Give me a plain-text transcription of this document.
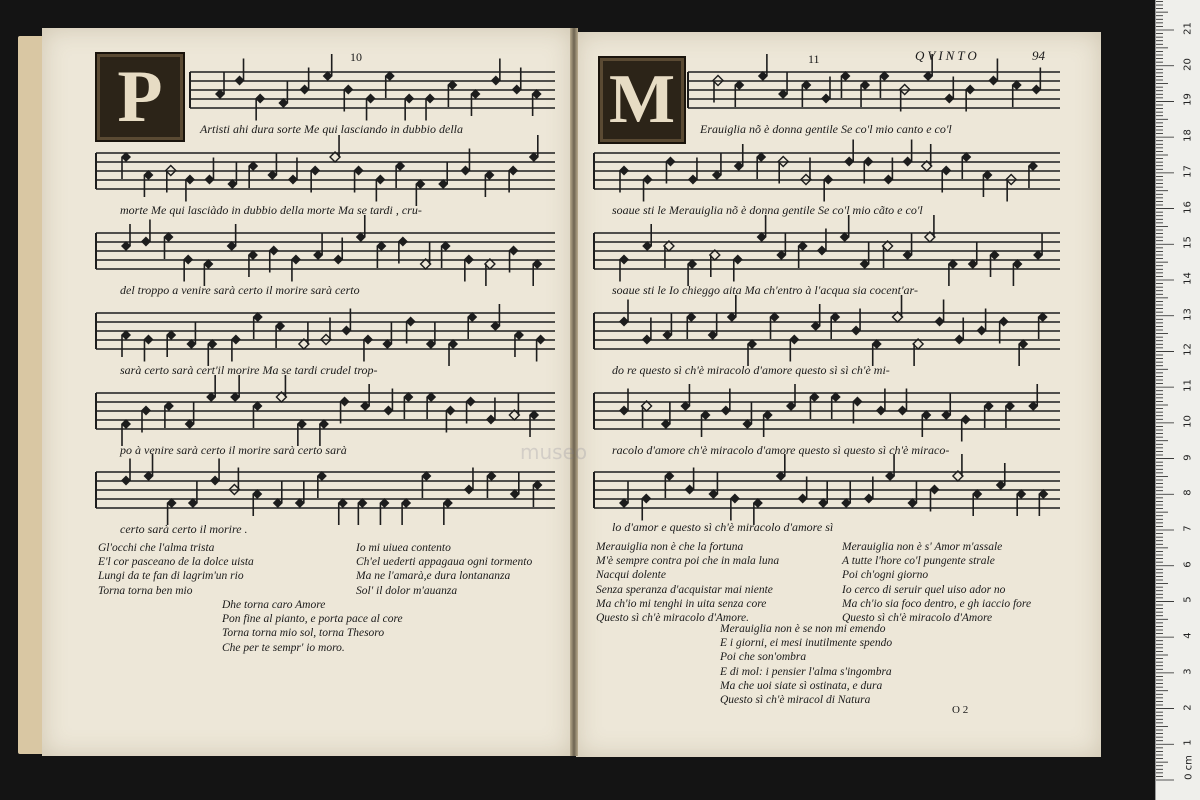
museo
10
P	Artisti ahi dura sorte Me qui lasciando in dubbio della
morte Me qui lasciàdo in dubbio della morte Ma se tardi , cru-
del troppo a venire sarà certo il morire sarà certo
sarà certo sarà cert'il morire Ma se tardi crudel trop-
po à venire sarà certo il morire sarà certo sarà
certo sarà certo il morire .
Gl'occhi che l'alma trista
E'l cor pasceano de la dolce uista
Lungi da te fan di lagrim'un rio
Torna torna ben mio
Io mi uiuea contento
Ch'el uederti appagaua ogni tormento
Ma ne l'amarà,e dura lontananza
Sol' il dolor m'auanza
Dhe torna caro Amore
Pon fine al pianto, e porta pace al core
Torna torna mio sol, torna Thesoro
Che per te sempr' io moro.
11	QVINTO	94
M	Erauiglia nõ è donna gentile Se co'l mio canto e co'l
soaue sti le Merauiglia nõ è donna gentile Se co'l mio cãto e co'l
soaue sti le Io chieggo aita Ma ch'entro à l'acqua sia cocent'ar-
do re questo sì ch'è miracolo d'amore questo sì sì ch'è mi-
racolo d'amore ch'è miracolo d'amore questo sì questo sì ch'è miraco-
lo d'amor e questo sì ch'è miracolo d'amore sì
Merauiglia non è che la fortuna
M'è sempre contra poi che in mala luna
Nacqui dolente
Senza speranza d'acquistar mai niente
Ma ch'io mi tenghi in uita senza core
Questo sì ch'è miracolo d'Amore.
Merauiglia non è s' Amor m'assale
A tutte l'hore co'l pungente strale
Poi ch'ogni giorno
Io cerco di seruir quel uiso ador no
Ma ch'io sia foco dentro, e gh iaccio fore
Questo sì ch'è miracolo d'Amore
Merauiglia non è se non mi emendo
E i giorni, ei mesi inutilmente spendo
Poi che son'ombra
E di mol: i pensier l'alma s'ingombra
Ma che uoi siate sì ostinata, e dura
Questo sì ch'è miracol di Natura
O 2
1
2
3
4
5
6
7
8
9
10
11
12
13
14
15
16
17
18
19
20
21
0 cm
